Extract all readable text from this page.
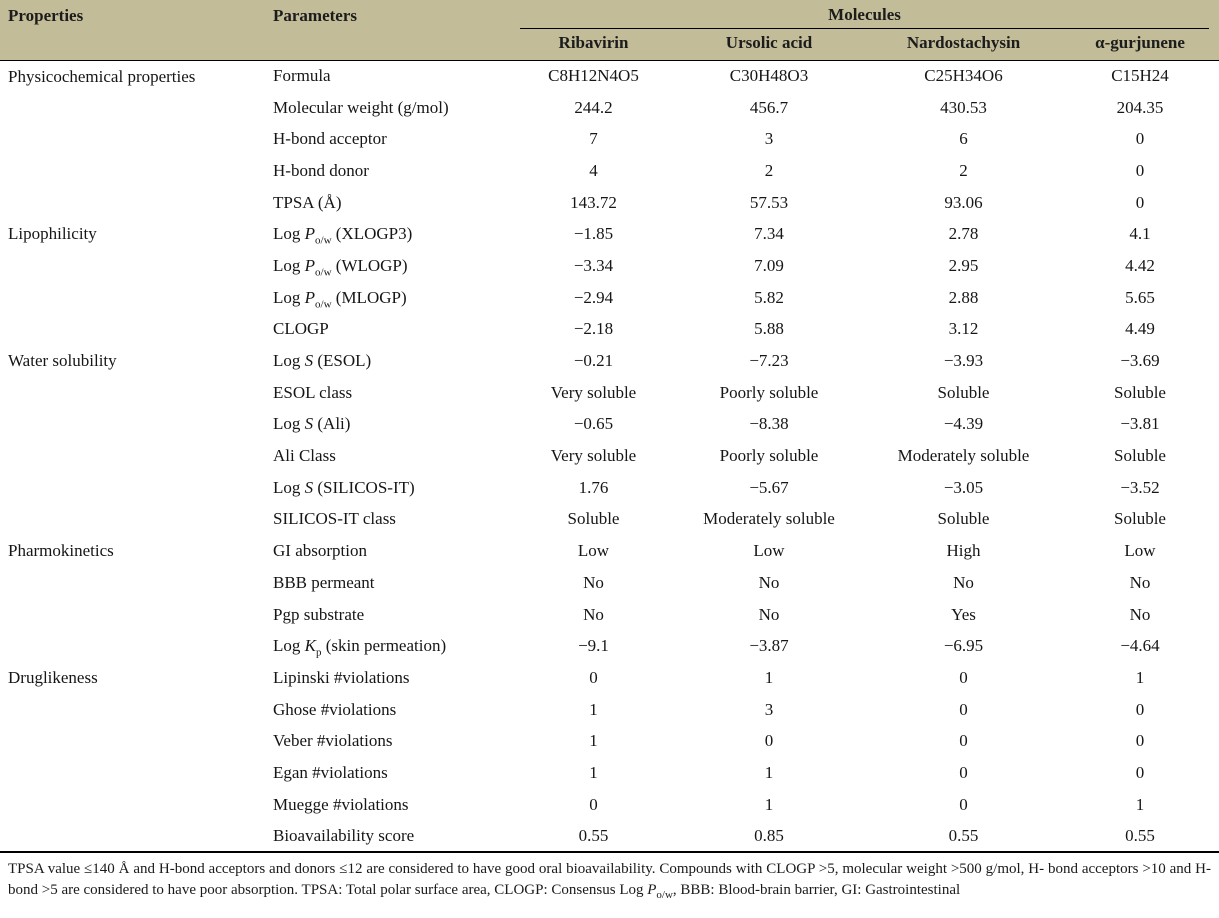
Properties	Parameters	Molecules			

		Ribavirin	Ursolic acid	Nardostachysin	α-gurjunene
Physicochemical properties	Formula	C8H12N4O5	C30H48O3	C25H34O6	C15H24
	Molecular weight (g/mol)	244.2	456.7	430.53	204.35
	H-bond acceptor	7	3	6	0
	H-bond donor	4	2	2	0
	TPSA (Å)	143.72	57.53	93.06	0
Lipophilicity	Log $P_{o/w}$ (XLOGP3)	−1.85	7.34	2.78	4.1
	Log $P_{o/w}$ (WLOGP)	−3.34	7.09	2.95	4.42
	Log $P_{o/w}$ (MLOGP)	−2.94	5.82	2.88	5.65
	CLOGP	−2.18	5.88	3.12	4.49
Water solubility	Log S (ESOL)	−0.21	−7.23	−3.93	−3.69
	ESOL class	Very soluble	Poorly soluble	Soluble	Soluble
	Log S (Ali)	−0.65	−8.38	−4.39	−3.81
	Ali Class	Very soluble	Poorly soluble	Moderately soluble	Soluble
	Log S (SILICOS-IT)	1.76	−5.67	−3.05	−3.52
	SILICOS-IT class	Soluble	Moderately soluble	Soluble	Soluble
Pharmokinetics	GI absorption	Low	Low	High	Low
	BBB permeant	No	No	No	No
	Pgp substrate	No	No	Yes	No
	Log $K_p$ (skin permeation)	−9.1	−3.87	−6.95	−4.64
Druglikeness	Lipinski #violations	0	1	0	1
	Ghose #violations	1	3	0	0
	Veber #violations	1	0	0	0
	Egan #violations	1	1	0	0
	Muegge #violations	0	1	0	1
	Bioavailability score	0.55	0.85	0.55	0.55
TPSA value ≤140 Å and H-bond acceptors and donors ≤12 are considered to have good oral bioavailability. Compounds with CLOGP >5, molecular weight >500 g/mol, H- bond acceptors >10 and H-bond >5 are considered to have poor absorption. TPSA: Total polar surface area, CLOGP: Consensus Log $P_{o/w}$, BBB: Blood-brain barrier, GI: Gastrointestinal
